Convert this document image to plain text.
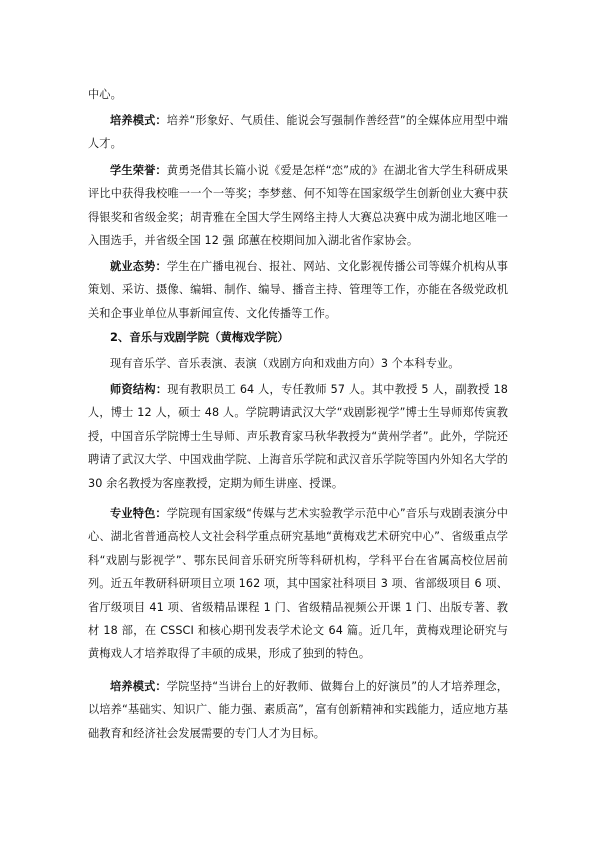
中心。

培养模式：培养“形象好、气质佳、能说会写强制作善经营”的全媒体应用型中端人才。

学生荣誉：黄勇尧借其长篇小说《爱是怎样“恋”成的》在湖北省大学生科研成果评比中获得我校唯一一个一等奖；李梦慈、何不知等在国家级学生创新创业大赛中获得银奖和省级金奖；胡青雅在全国大学生网络主持人大赛总决赛中成为湖北地区唯一入围选手，并省级全国 12 强 邱蕙在校期间加入湖北省作家协会。

就业态势：学生在广播电视台、报社、网站、文化影视传播公司等媒介机构从事策划、采访、摄像、编辑、制作、编导、播音主持、管理等工作，亦能在各级党政机关和企事业单位从事新闻宣传、文化传播等工作。

2、音乐与戏剧学院（黄梅戏学院）

现有音乐学、音乐表演、表演（戏剧方向和戏曲方向）3 个本科专业。

师资结构：现有教职员工 64 人，专任教师 57 人。其中教授 5 人，副教授 18 人，博士 12 人，硕士 48 人。学院聘请武汉大学“戏剧影视学”博士生导师郑传寅教授，中国音乐学院博士生导师、声乐教育家马秋华教授为“黄州学者”。此外，学院还聘请了武汉大学、中国戏曲学院、上海音乐学院和武汉音乐学院等国内外知名大学的 30 余名教授为客座教授，定期为师生讲座、授课。

专业特色：学院现有国家级“传媒与艺术实验教学示范中心”音乐与戏剧表演分中心、湖北省普通高校人文社会科学重点研究基地“黄梅戏艺术研究中心”、省级重点学科“戏剧与影视学”、鄂东民间音乐研究所等科研机构，学科平台在省属高校位居前列。近五年教研科研项目立项 162 项，其中国家社科项目 3 项、省部级项目 6 项、省厅级项目 41 项、省级精品课程 1 门、省级精品视频公开课 1 门、出版专著、教材 18 部，在 CSSCI 和核心期刊发表学术论文 64 篇。近几年，黄梅戏理论研究与黄梅戏人才培养取得了丰硕的成果，形成了独到的特色。

培养模式：学院坚持“当讲台上的好教师、做舞台上的好演员”的人才培养理念，以培养“基础实、知识广、能力强、素质高”，富有创新精神和实践能力，适应地方基础教育和经济社会发展需要的专门人才为目标。
